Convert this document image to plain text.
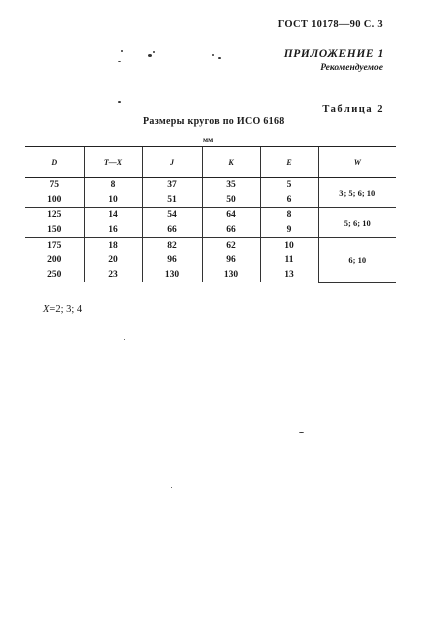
ГОСТ 10178—90 С. 3
ПРИЛОЖЕНИЕ 1
Рекомендуемое
Таблица 2
Размеры кругов по ИСО 6168
мм
D	T—X	J	K	E	W
75	8	37	35	5	3; 5; 6; 10
100	10	51	50	6	
125	14	54	64	8	5; 6; 10
150	16	66	66	9	
175	18	82	62	10	6; 10
200	20	96	96	11	
250	23	130	130	13	
X=2; 3; 4
